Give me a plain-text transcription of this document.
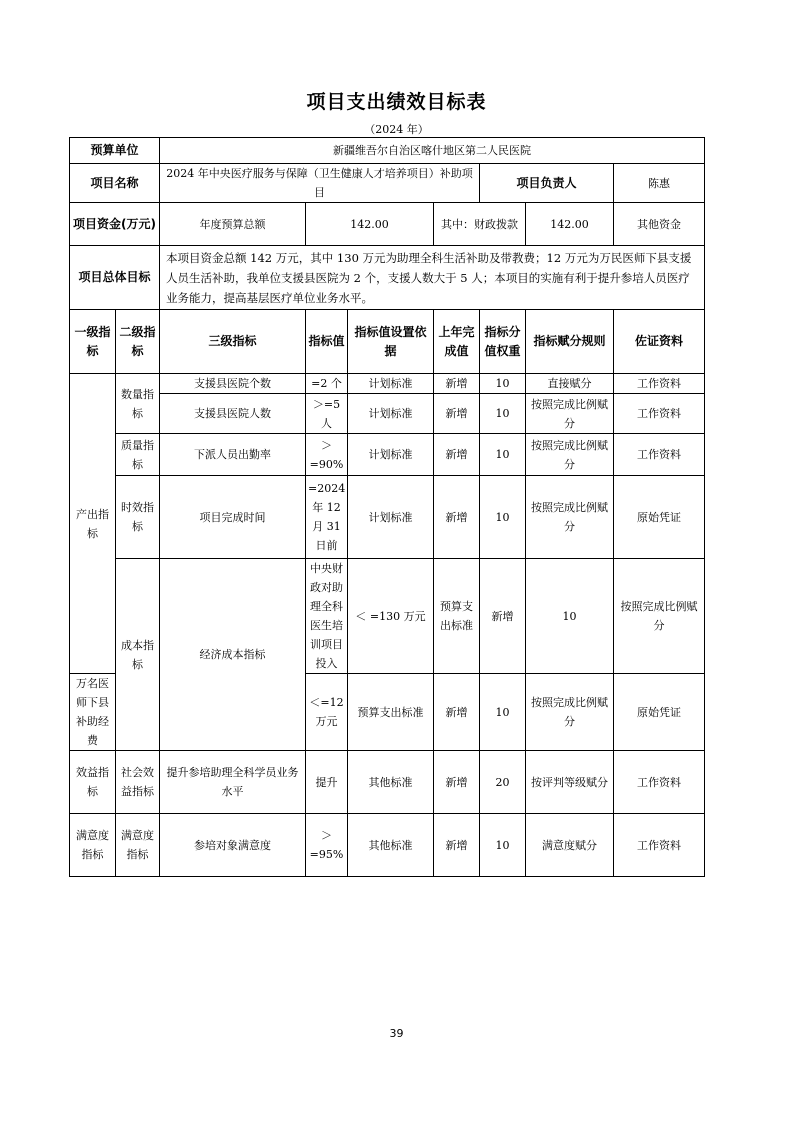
项目支出绩效目标表
（2024 年）
预算单位		新疆维吾尔自治区喀什地区第二人民医院							
项目名称		2024 年中央医疗服务与保障（卫生健康人才培养项目）补助项目				项目负责人		陈惠	
项目资金(万元)		年度预算总额	142.00		其中：财政拨款		142.00	其他资金	
项目总体目标		本项目资金总额 142 万元，其中 130 万元为助理全科生活补助及带教费；12 万元为万民医师下县支援人员生活补助，我单位支援县医院为 2 个，支援人数大于 5 人；本项目的实施有利于提升参培人员医疗业务能力，提高基层医疗单位业务水平。							
一级指标	二级指标	三级指标	指标值	指标值设置依据	上年完成值	指标分值权重	指标赋分规则	佐证资料	
产出指标	数量指标	支援县医院个数	=2 个	计划标准	新增	10	直接赋分	工作资料	
		支援县医院人数	＞=5 人	计划标准	新增	10	按照完成比例赋分	工作资料	
	质量指标	下派人员出勤率	＞ =90%	计划标准	新增	10	按照完成比例赋分	工作资料	
	时效指标	项目完成时间	=2024 年 12 月 31 日前	计划标准	新增	10	按照完成比例赋分	原始凭证	
	成本指标	经济成本指标	中央财政对助理全科医生培训项目投入	＜ =130 万元	预算支出标准	新增	10	按照完成比例赋分	
万名医师下县补助经费			＜=12 万元	预算支出标准	新增	10	按照完成比例赋分	原始凭证	
效益指标	社会效益指标	提升参培助理全科学员业务水平	提升	其他标准	新增	20	按评判等级赋分	工作资料	
满意度指标	满意度指标	参培对象满意度	＞ =95%	其他标准	新增	10	满意度赋分	工作资料	
39
